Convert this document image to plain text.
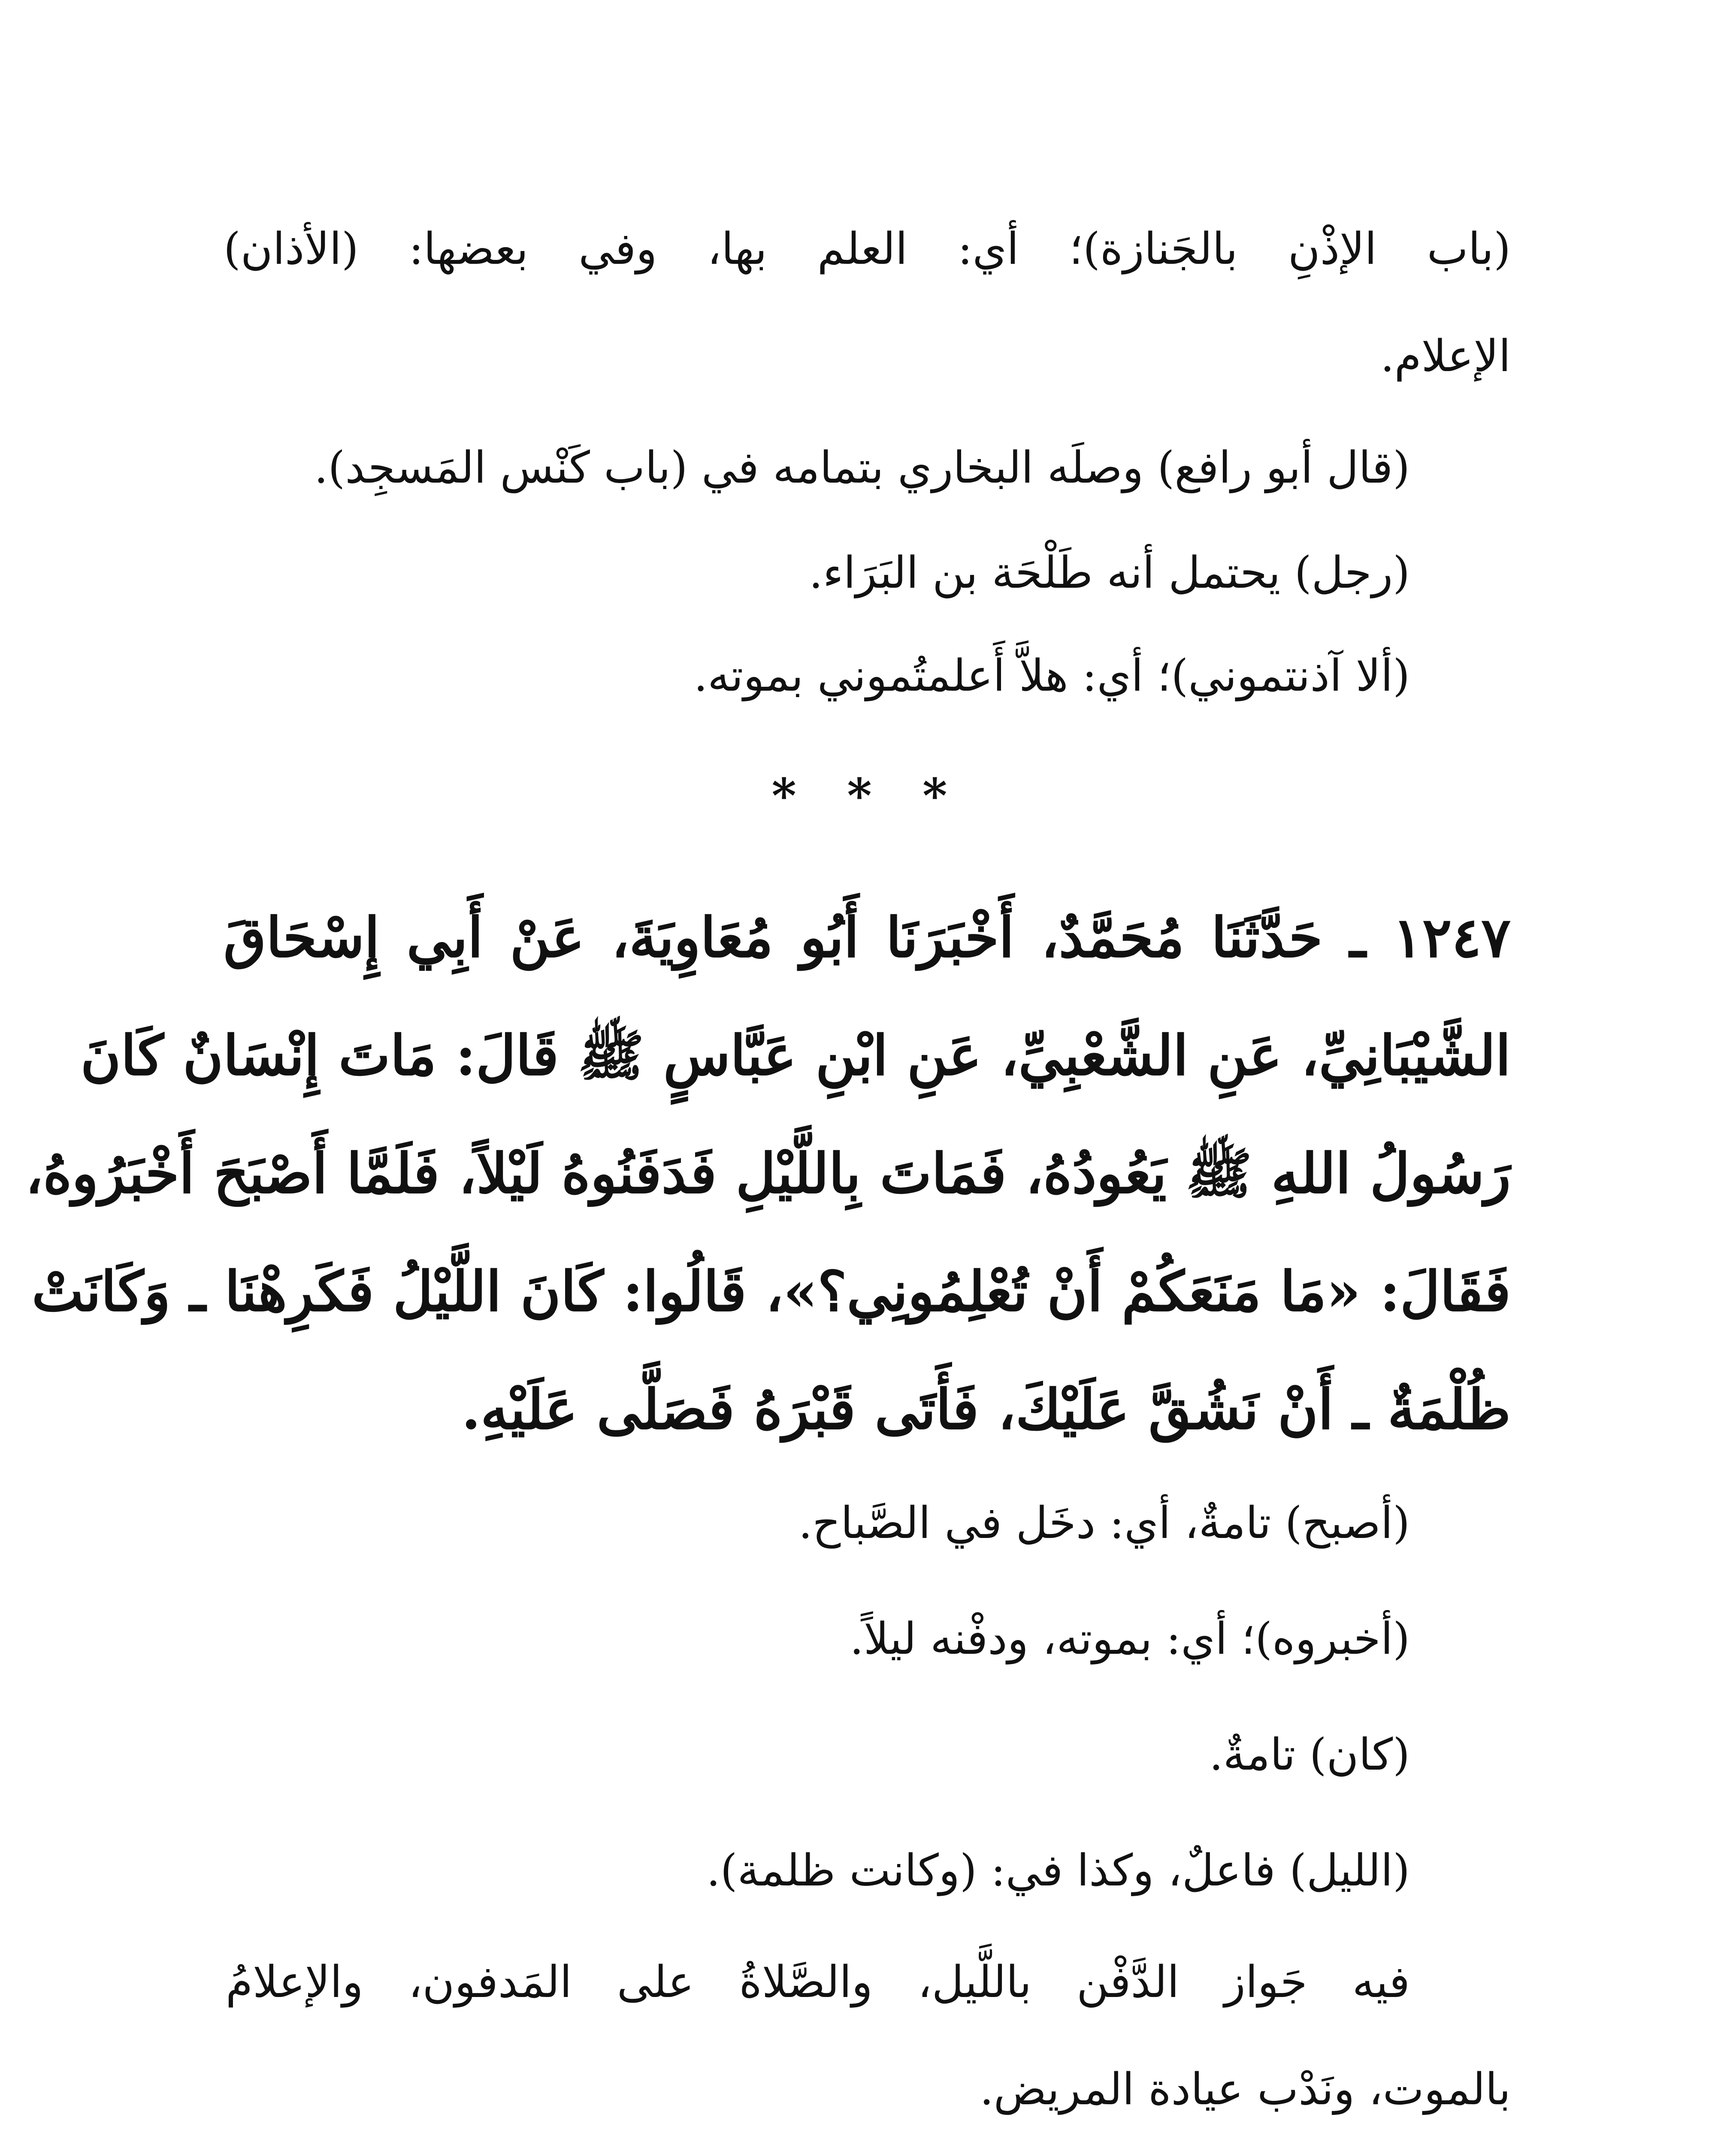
(باب الإذْنِ بالجَنازة)؛ أي: العلم بها، وفي بعضها: (الأذان)
الإعلام.
(قال أبو رافع) وصلَه البخاري بتمامه في (باب كَنْس المَسجِد).
(رجل) يحتمل أنه طَلْحَة بن البَرَاء.
(ألا آذنتموني)؛ أي: هلاَّ أَعلمتُموني بموته.
* * *
١٢٤٧ ـ حَدَّثَنَا مُحَمَّدٌ، أَخْبَرَنَا أَبُو مُعَاوِيَةَ، عَنْ أَبِي إِسْحَاقَ
الشَّيْبَانِيِّ، عَنِ الشَّعْبِيِّ، عَنِ ابْنِ عَبَّاسٍ ﷺ قَالَ: مَاتَ إِنْسَانٌ كَانَ
رَسُولُ اللهِ ﷺ يَعُودُهُ، فَمَاتَ بِاللَّيْلِ فَدَفَنُوهُ لَيْلاً، فَلَمَّا أَصْبَحَ أَخْبَرُوهُ،
فَقَالَ: «مَا مَنَعَكُمْ أَنْ تُعْلِمُونِي؟»، قَالُوا: كَانَ اللَّيْلُ فَكَرِهْنَا ـ وَكَانَتْ
ظُلْمَةٌ ـ أَنْ نَشُقَّ عَلَيْكَ، فَأَتَى قَبْرَهُ فَصَلَّى عَلَيْهِ.
(أصبح) تامةٌ، أي: دخَل في الصَّباح.
(أخبروه)؛ أي: بموته، ودفْنه ليلاً.
(كان) تامةٌ.
(الليل) فاعلٌ، وكذا في: (وكانت ظلمة).
فيه جَواز الدَّفْن باللَّيل، والصَّلاةُ على المَدفون، والإعلامُ
بالموت، ونَدْب عيادة المريض.
